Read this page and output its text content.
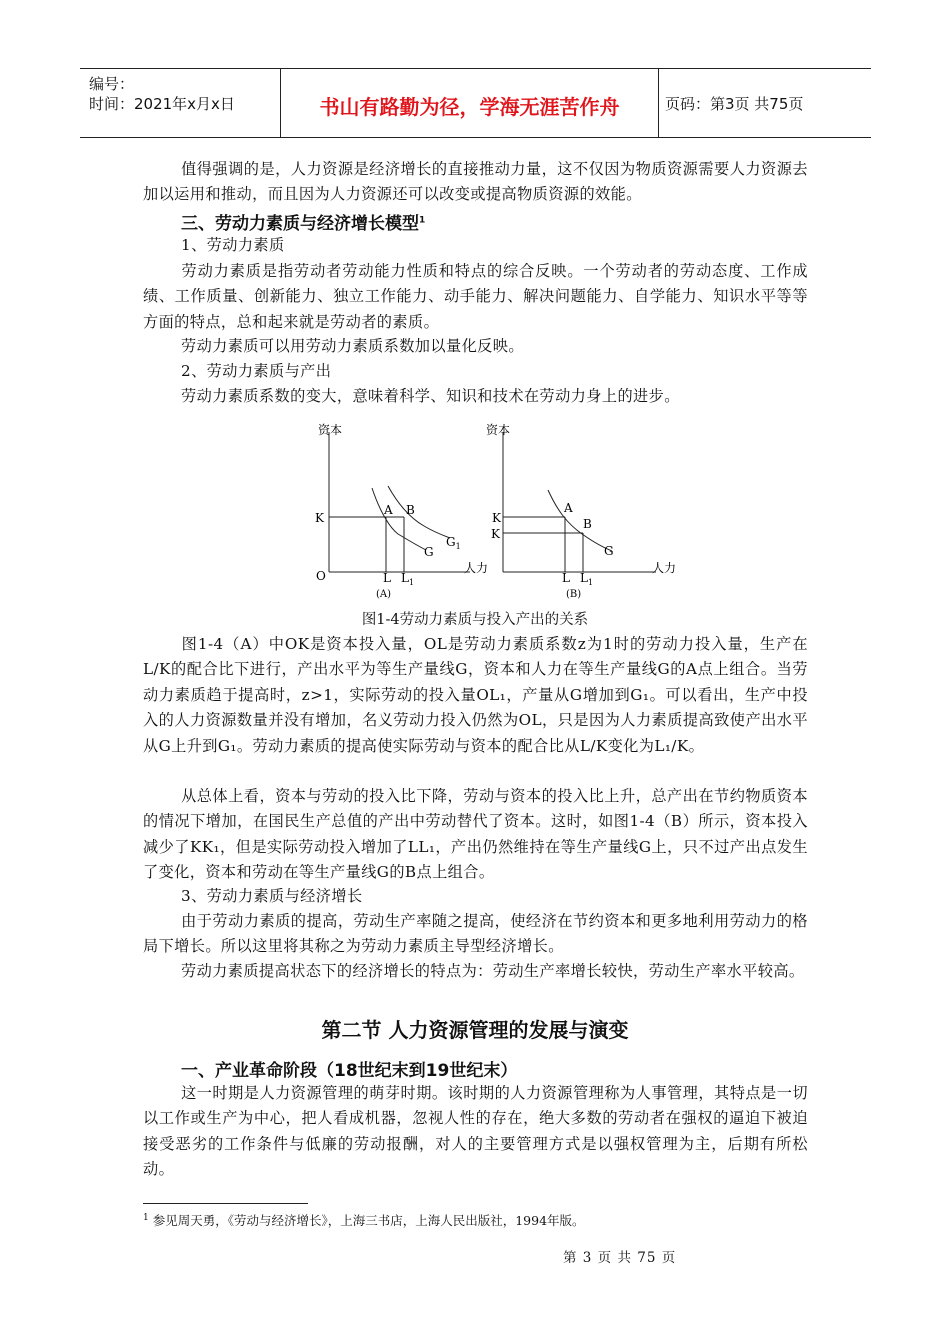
编号：
时间：2021年x月x日	书山有路勤为径，学海无涯苦作舟	页码：第3页 共75页
值得强调的是，人力资源是经济增长的直接推动力量，这不仅因为物质资源需要人力资源去加以运用和推动，而且因为人力资源还可以改变或提高物质资源的效能。
三、劳动力素质与经济增长模型$^1$
1、劳动力素质
劳动力素质是指劳动者劳动能力性质和特点的综合反映。一个劳动者的劳动态度、工作成绩、工作质量、创新能力、独立工作能力、动手能力、解决问题能力、自学能力、知识水平等等方面的特点，总和起来就是劳动者的素质。
劳动力素质可以用劳动力素质系数加以量化反映。
2、劳动力素质与产出
劳动力素质系数的变大，意味着科学、知识和技术在劳动力身上的进步。
资本
人力
O
K
A B
G
$G_1$
L $L_1$
(A)
资本
人力
K
K
A
B
G
L $L_1$
(B)
图1-4劳动力素质与投入产出的关系
图1-4（A）中OK是资本投入量，OL是劳动力素质系数z为1时的劳动力投入量，生产在L/K的配合比下进行，产出水平为等生产量线G，资本和人力在等生产量线G的A点上组合。当劳动力素质趋于提高时，z>1，实际劳动的投入量OL₁，产量从G增加到G₁。可以看出，生产中投入的人力资源数量并没有增加，名义劳动力投入仍然为OL，只是因为人力素质提高致使产出水平从G上升到G₁。劳动力素质的提高使实际劳动与资本的配合比从L/K变化为L₁/K。
从总体上看，资本与劳动的投入比下降，劳动与资本的投入比上升，总产出在节约物质资本的情况下增加，在国民生产总值的产出中劳动替代了资本。这时，如图1-4（B）所示，资本投入减少了KK₁，但是实际劳动投入增加了LL₁，产出仍然维持在等生产量线G上，只不过产出点发生了变化，资本和劳动在等生产量线G的B点上组合。
3、劳动力素质与经济增长
由于劳动力素质的提高，劳动生产率随之提高，使经济在节约资本和更多地利用劳动力的格局下增长。所以这里将其称之为劳动力素质主导型经济增长。
劳动力素质提高状态下的经济增长的特点为：劳动生产率增长较快，劳动生产率水平较高。
第二节 人力资源管理的发展与演变
一、产业革命阶段（18世纪末到19世纪末）
这一时期是人力资源管理的萌芽时期。该时期的人力资源管理称为人事管理，其特点是一切以工作或生产为中心，把人看成机器，忽视人性的存在，绝大多数的劳动者在强权的逼迫下被迫接受恶劣的工作条件与低廉的劳动报酬，对人的主要管理方式是以强权管理为主，后期有所松动。
$^1$ 参见周天勇，《劳动与经济增长》，上海三书店，上海人民出版社，1994年版。
第 3 页 共 75 页
